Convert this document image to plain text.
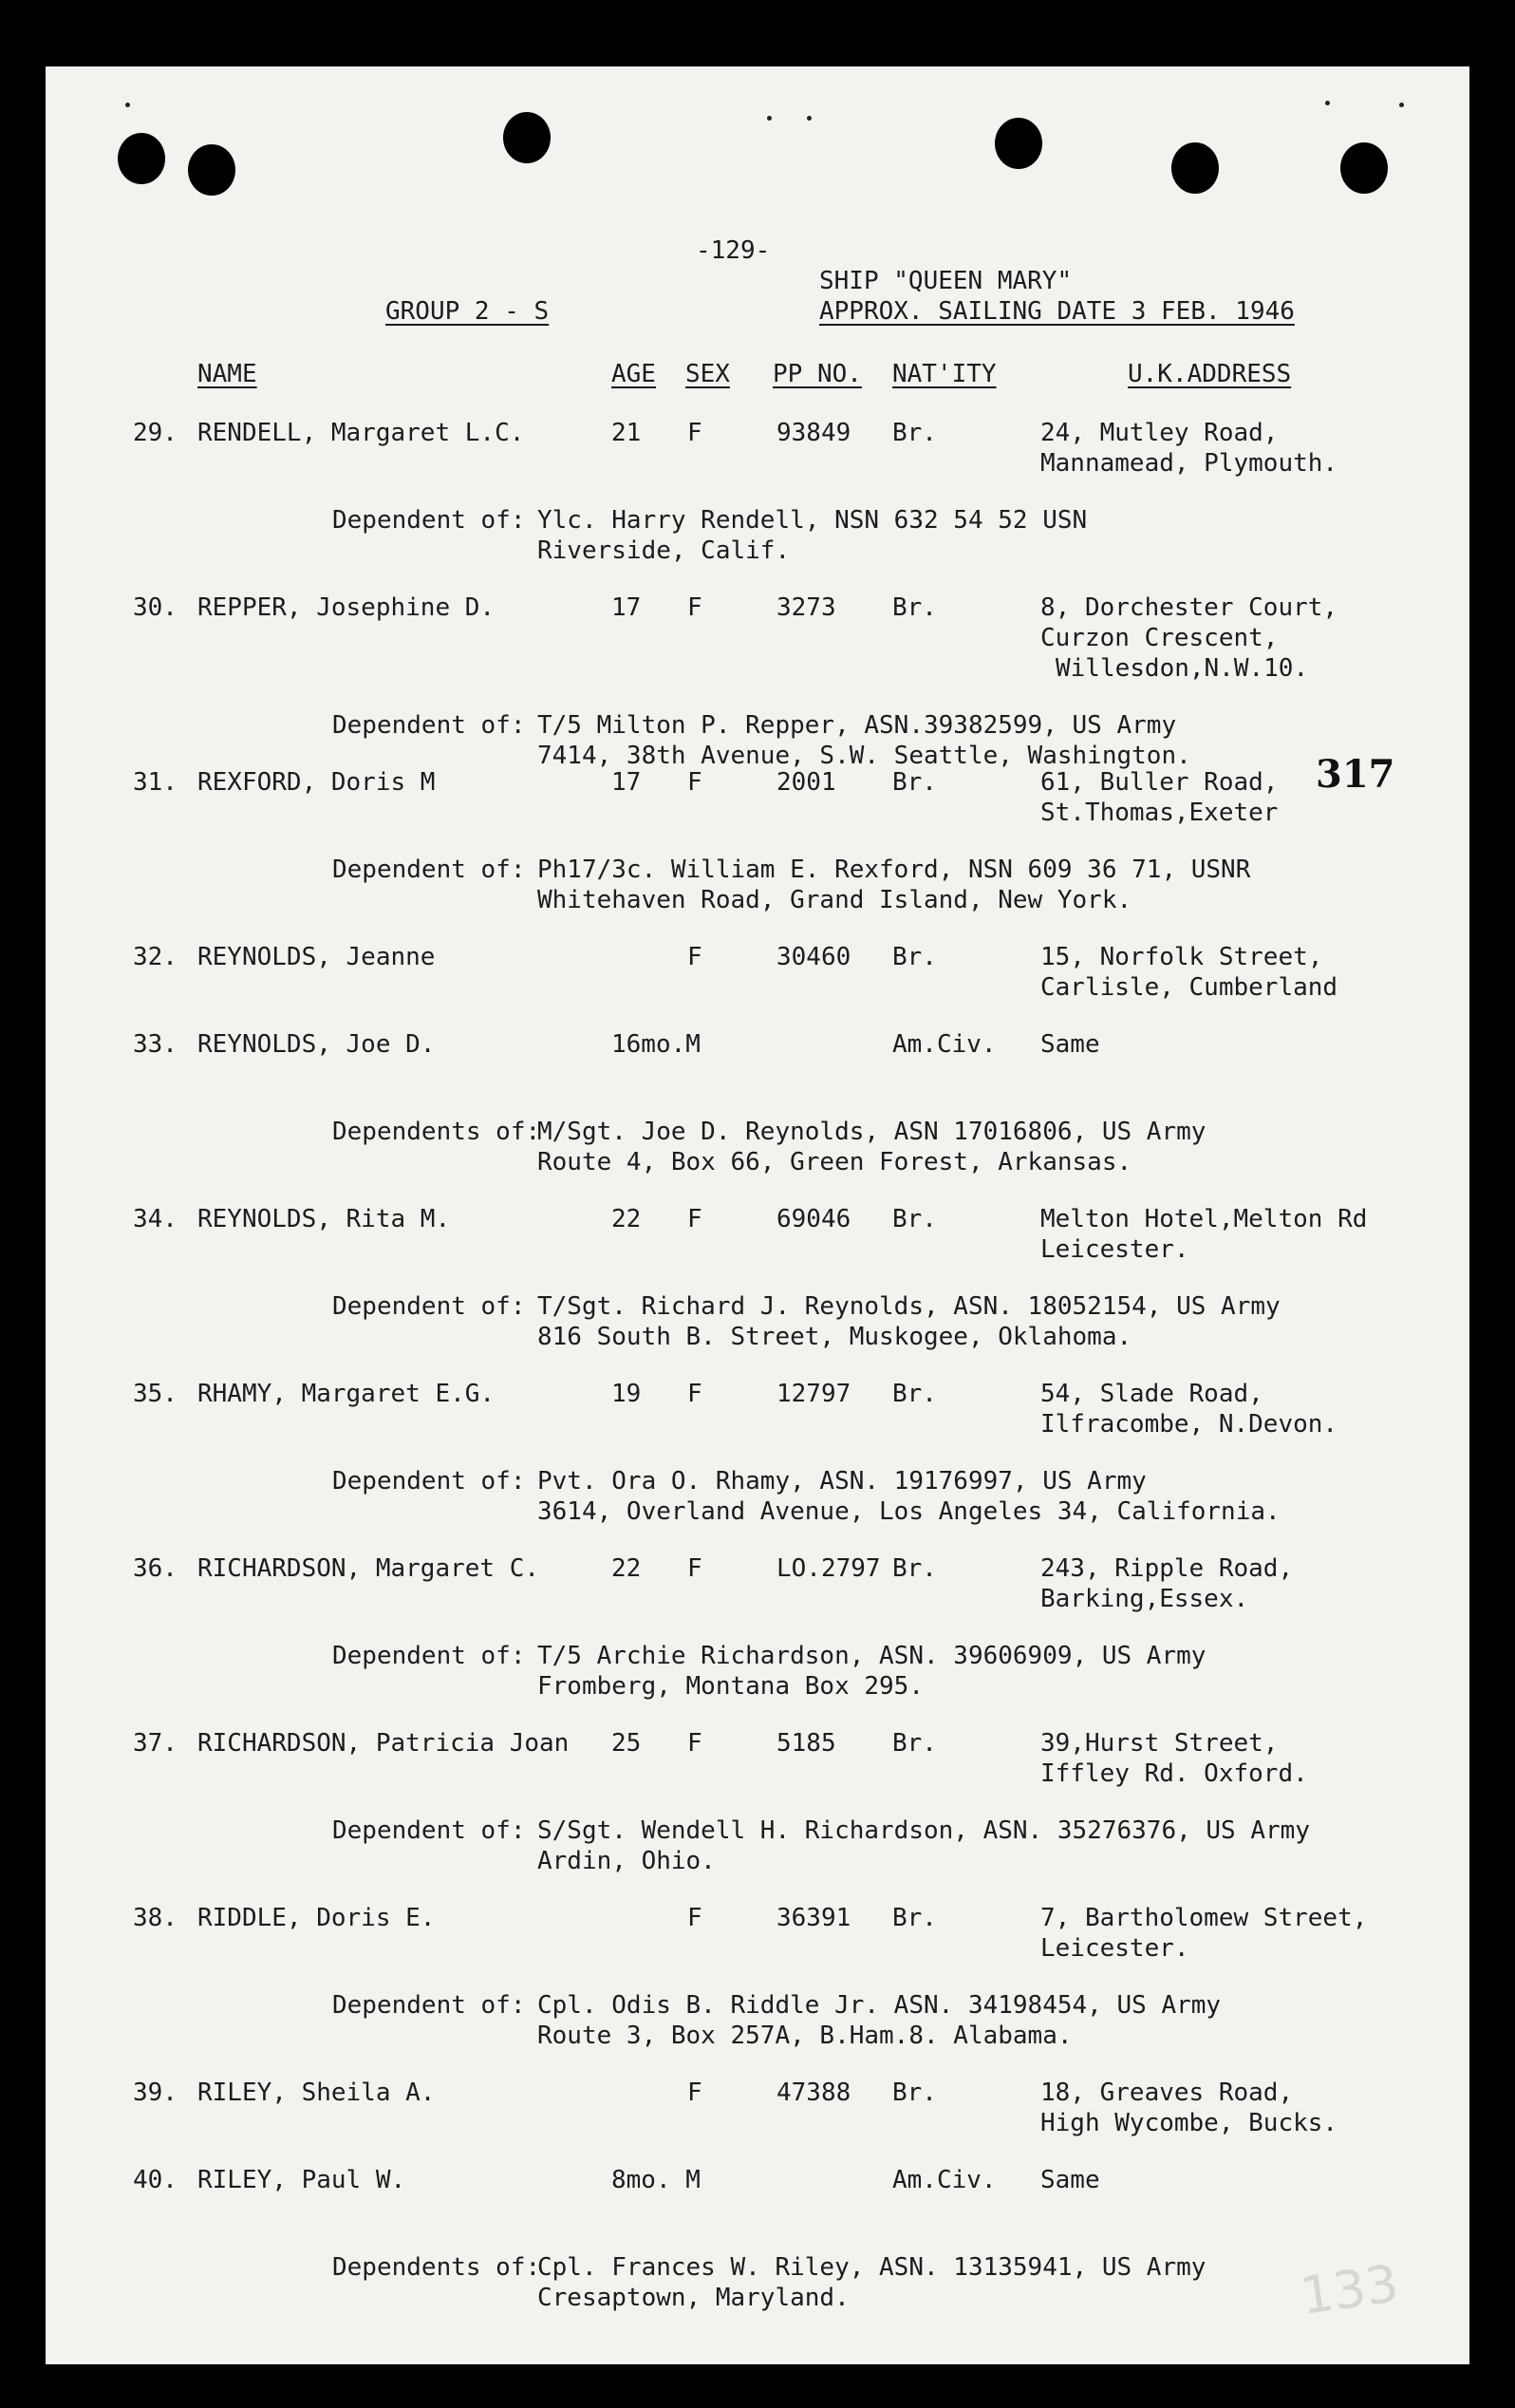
-129-
SHIP "QUEEN MARY"
GROUP 2 - S	APPROX. SAILING DATE 3 FEB. 1946
NAME	AGE SEX PP NO. NAT'ITY	U.K.ADDRESS
29. RENDELL, Margaret L.C.	21 F	93849 Br.	24, Mutley Road,
Mannamead, Plymouth.
Dependent of: Ylc. Harry Rendell, NSN 632 54 52 USN
Riverside, Calif.
30. REPPER, Josephine D.	17 F	3273 Br.	8, Dorchester Court,
Curzon Crescent,
Willesdon,N.W.10.
Dependent of: T/5 Milton P. Repper, ASN.39382599, US Army
7414, 38th Avenue, S.W. Seattle, Washington.
31. REXFORD, Doris M	17 F	2001 Br.	61, Buller Road,
St.Thomas,Exeter
Dependent of: Ph17/3c. William E. Rexford, NSN 609 36 71, USNR
Whitehaven Road, Grand Island, New York.
32. REYNOLDS, Jeanne	F	30460 Br.	15, Norfolk Street,
Carlisle, Cumberland
33. REYNOLDS, Joe D.	16mo.M	Am.Civ. Same
Dependents of:
M/Sgt. Joe D. Reynolds, ASN 17016806, US Army
Route 4, Box 66, Green Forest, Arkansas.
34. REYNOLDS, Rita M.	22 F	69046 Br.	Melton Hotel,Melton Rd
Leicester.
Dependent of: T/Sgt. Richard J. Reynolds, ASN. 18052154, US Army
816 South B. Street, Muskogee, Oklahoma.
35. RHAMY, Margaret E.G.	19 F	12797 Br.	54, Slade Road,
Ilfracombe, N.Devon.
Dependent of: Pvt. Ora O. Rhamy, ASN. 19176997, US Army
3614, Overland Avenue, Los Angeles 34, California.
36. RICHARDSON, Margaret C.	22 F	LO.2797 Br.	243, Ripple Road,
Barking,Essex.
Dependent of: T/5 Archie Richardson, ASN. 39606909, US Army
Fromberg, Montana Box 295.
37. RICHARDSON, Patricia Joan 25 F	5185 Br.	39,Hurst Street,
Iffley Rd. Oxford.
Dependent of: S/Sgt. Wendell H. Richardson, ASN. 35276376, US Army
Ardin, Ohio.
38. RIDDLE, Doris E.	F	36391 Br.	7, Bartholomew Street,
Leicester.
Dependent of: Cpl. Odis B. Riddle Jr. ASN. 34198454, US Army
Route 3, Box 257A, B.Ham.8. Alabama.
39. RILEY, Sheila A.	F	47388 Br.	18, Greaves Road,
High Wycombe, Bucks.
40. RILEY, Paul W.	8mo. M	Am.Civ. Same
Dependents of:
Cpl. Frances W. Riley, ASN. 13135941, US Army
Cresaptown, Maryland.
317
133
